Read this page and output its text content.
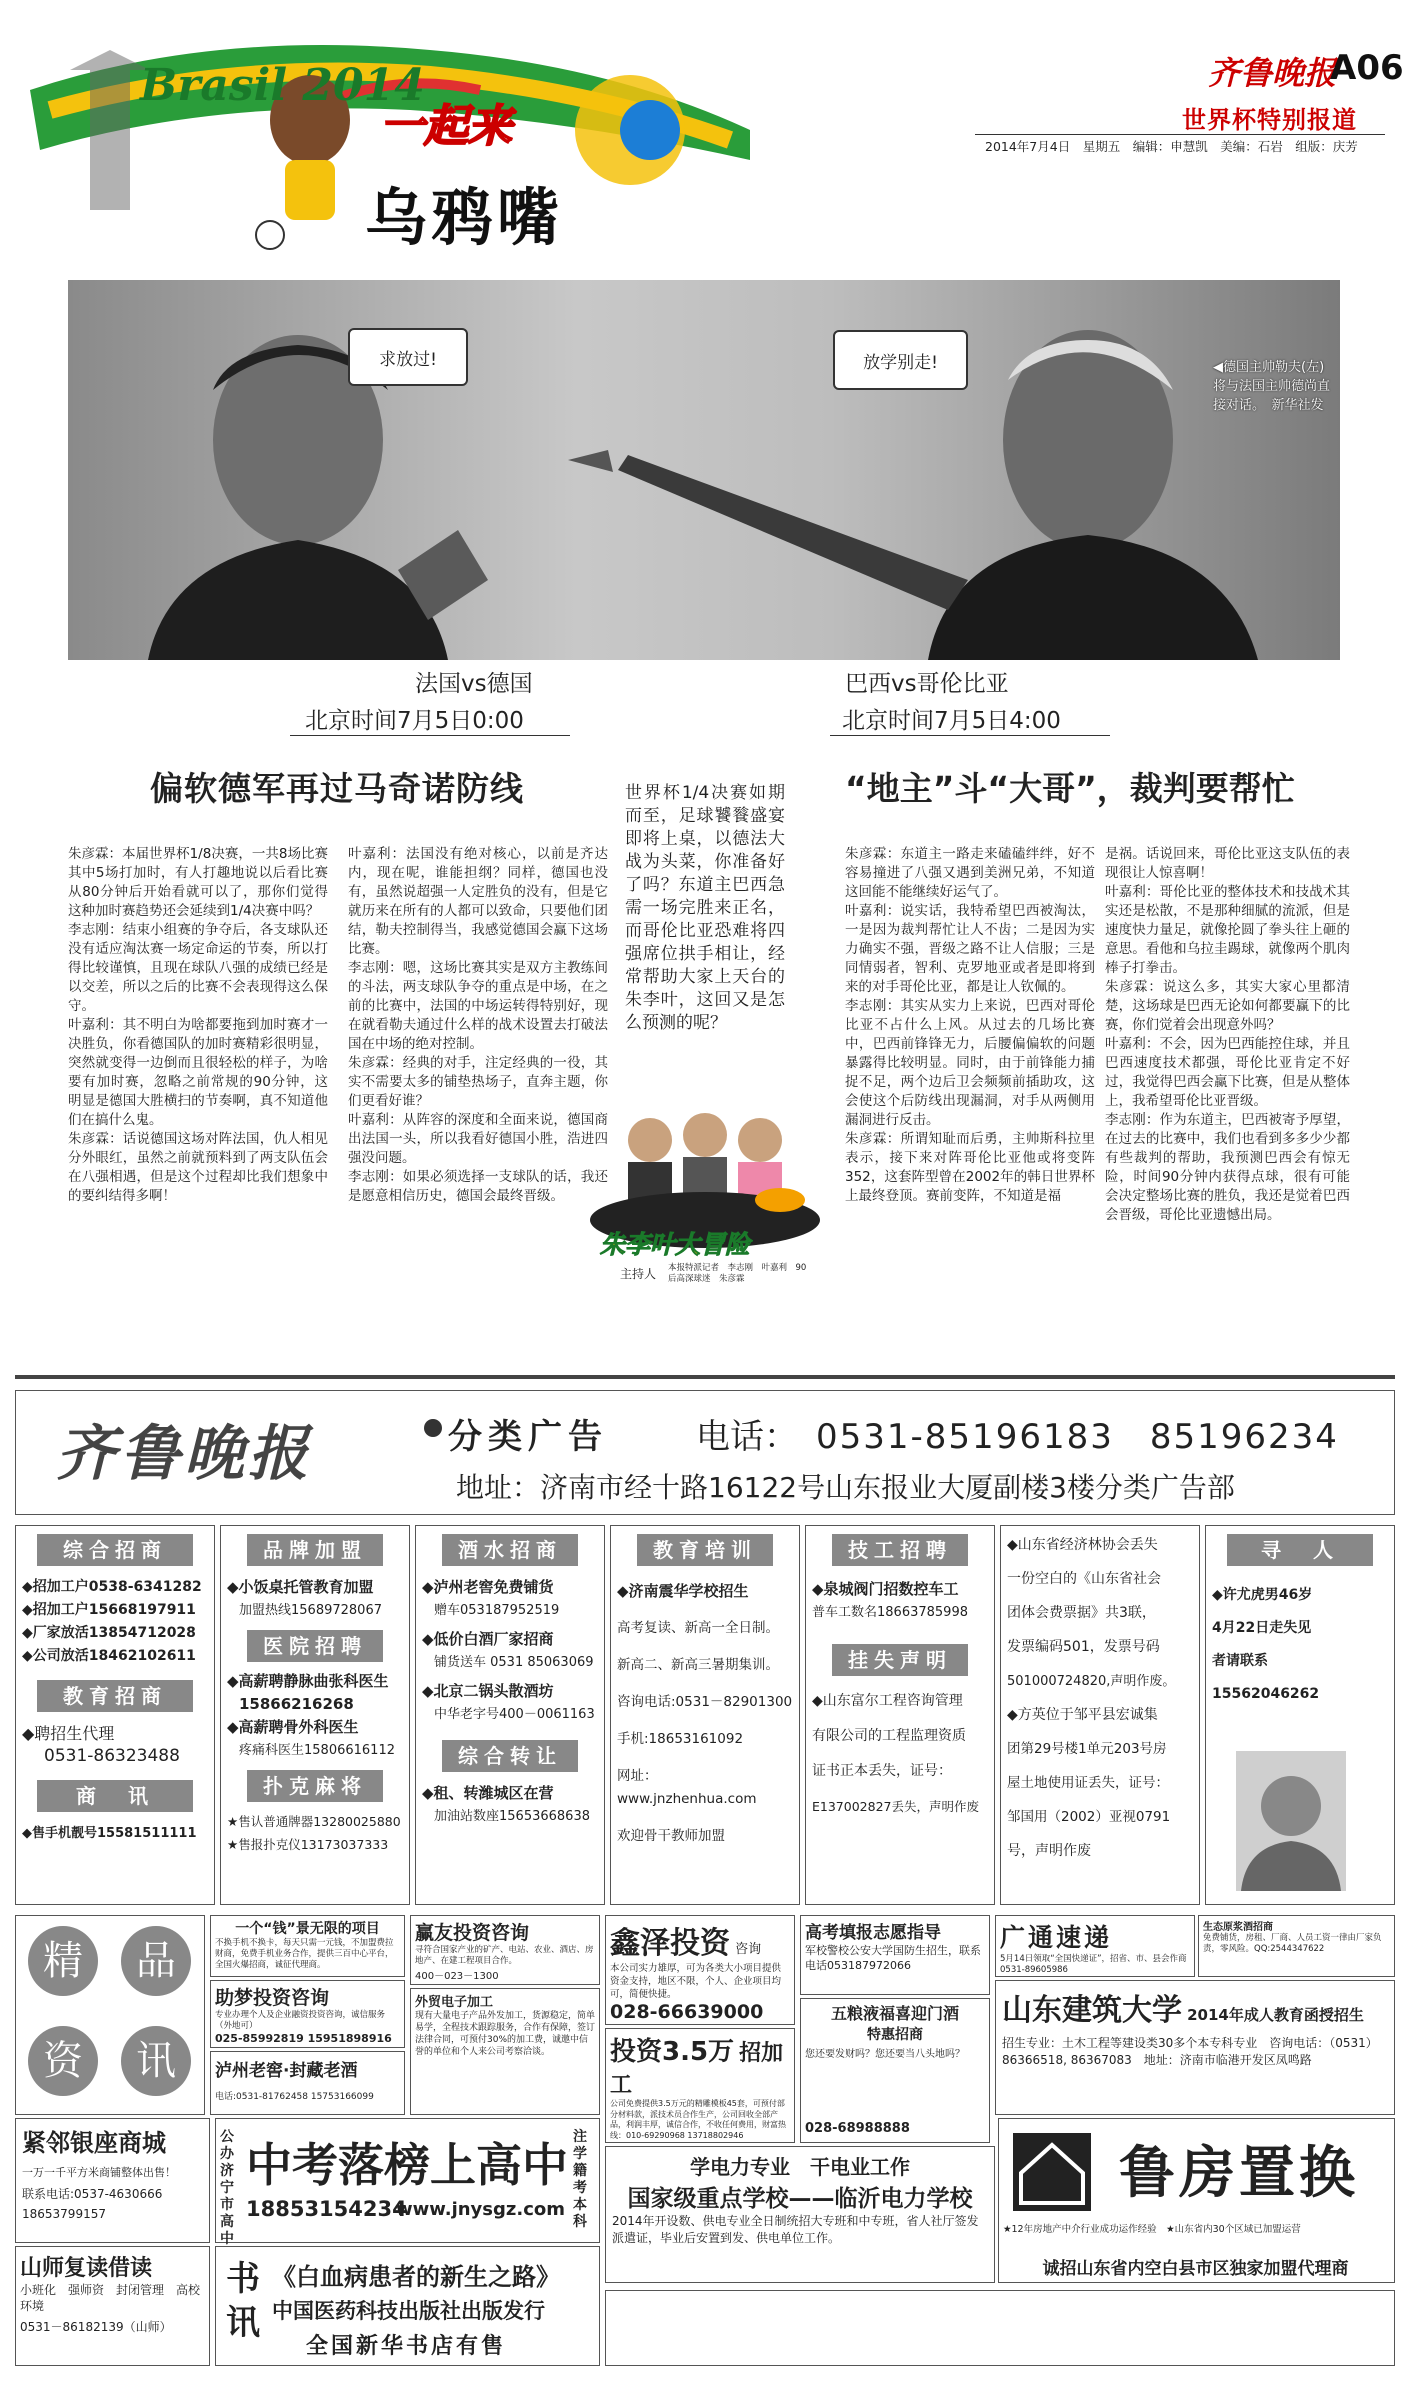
Brasil 2014
一起来
乌鸦嘴
齐鲁晚报
A06
世界杯特别报道
2014年7月4日　星期五　编辑：申慧凯　美编：石岩　组版：庆芳
求放过!	放学别走!	◀德国主帅勒夫(左)将与法国主帅德尚直接对话。　新华社发
法国vs德国
北京时间7月5日0:00
偏软德军再过马奇诺防线
巴西vs哥伦比亚
北京时间7月5日4:00
“地主”斗“大哥”，裁判要帮忙

朱彦霖：本届世界杯1/8决赛，一共8场比赛其中5场打加时，有人打趣地说以后看比赛从80分钟后开始看就可以了，那你们觉得这种加时赛趋势还会延续到1/4决赛中吗？
李志刚：结束小组赛的争夺后，各支球队还没有适应淘汰赛一场定命运的节奏，所以打得比较谨慎，且现在球队八强的成绩已经是以交差，所以之后的比赛不会表现得这么保守。
叶嘉利：其不明白为啥都要拖到加时赛才一决胜负，你看德国队的加时赛精彩很明显，突然就变得一边倒而且很轻松的样子，为啥要有加时赛，忽略之前常规的90分钟，这明显是德国大胜横扫的节奏啊，真不知道他们在搞什么鬼。
朱彦霖：话说德国这场对阵法国，仇人相见分外眼红，虽然之前就预料到了两支队伍会在八强相遇，但是这个过程却比我们想象中的要纠结得多啊！

叶嘉利：法国没有绝对核心，以前是齐达内，现在呢，谁能担纲？同样，德国也没有，虽然说超强一人定胜负的没有，但是它就历来在所有的人都可以致命，只要他们团结，勒夫控制得当，我感觉德国会赢下这场比赛。
李志刚：嗯，这场比赛其实是双方主教练间的斗法，两支球队争夺的重点是中场，在之前的比赛中，法国的中场运转得特别好，现在就看勒夫通过什么样的战术设置去打破法国在中场的绝对控制。
朱彦霖：经典的对手，注定经典的一役，其实不需要太多的铺垫热场子，直奔主题，你们更看好谁？
叶嘉利：从阵容的深度和全面来说，德国商出法国一头，所以我看好德国小胜，浩进四强没问题。
李志刚：如果必须选择一支球队的话，我还是愿意相信历史，德国会最终晋级。

世界杯1/4决赛如期而至，足球饕餮盛宴即将上桌，以德法大战为头菜，你准备好了吗？东道主巴西急需一场完胜来正名，而哥伦比亚恐难将四强席位拱手相让，经常帮助大家上天台的朱李叶，这回又是怎么预测的呢？

朱李叶大冒险
主持人 本报特派记者　李志刚　叶嘉利　90后高深球迷　朱彦霖

朱彦霖：东道主一路走来磕磕绊绊，好不容易撞进了八强又遇到美洲兄弟，不知道这回能不能继续好运气了。
叶嘉利：说实话，我特希望巴西被淘汰，一是因为裁判帮忙让人不齿；二是因为实力确实不强，晋级之路不让人信服；三是同情弱者，智利、克罗地亚或者是即将到来的对手哥伦比亚，都是让人钦佩的。
李志刚：其实从实力上来说，巴西对哥伦比亚不占什么上风。从过去的几场比赛中，巴西前锋锋无力，后腰偏偏软的问题暴露得比较明显。同时，由于前锋能力捕捉不足，两个边后卫会频频前插助攻，这会使这个后防线出现漏洞，对手从两侧用漏洞进行反击。
朱彦霖：所谓知耻而后勇，主帅斯科拉里表示，接下来对阵哥伦比亚他或将变阵352，这套阵型曾在2002年的韩日世界杯上最终登顶。赛前变阵，不知道是福

是祸。话说回来，哥伦比亚这支队伍的表现很让人惊喜啊！
叶嘉利：哥伦比亚的整体技术和技战术其实还是松散，不是那种细腻的流派，但是速度快力量足，就像抡圆了拳头往上砸的意思。看他和乌拉圭踢球，就像两个肌肉棒子打拳击。
朱彦霖：说这么多，其实大家心里都清楚，这场球是巴西无论如何都要赢下的比赛，你们觉着会出现意外吗？
叶嘉利：不会，因为巴西能控住球，并且巴西速度技术都强，哥伦比亚肯定不好过，我觉得巴西会赢下比赛，但是从整体上，我希望哥伦比亚晋级。
李志刚：作为东道主，巴西被寄予厚望，在过去的比赛中，我们也看到多多少少都有些裁判的帮助，我预测巴西会有惊无险，时间90分钟内获得点球，很有可能会决定整场比赛的胜负，我还是觉着巴西会晋级，哥伦比亚遗憾出局。

齐鲁晚报	分类广告	电话： 0531-85196183　85196234
地址：济南市经十路16122号山东报业大厦副楼3楼分类广告部
综合招商
◆招加工户0538-6341282
◆招加工户15668197911
◆厂家放活13854712028
◆公司放活18462102611
教育招商
◆聘招生代理
0531-86323488
商　讯
◆售手机靓号15581511111
品牌加盟
◆小饭桌托管教育加盟
加盟热线15689728067
医院招聘
◆高薪聘静脉曲张科医生
15866216268
◆高薪聘骨外科医生
疼痛科医生15806616112
扑克麻将
★售认普通牌器13280025880
★售报扑克仪13173037333
酒水招商
◆泸州老窖免费铺货
赠车053187952519
◆低价白酒厂家招商
铺货送车 0531 85063069
◆北京二锅头散酒坊
中华老字号400－0061163
综合转让
◆租、转潍城区在营
加油站数座15653668638
教育培训
◆济南震华学校招生
高考复读、新高一全日制。
新高二、新高三暑期集训。
咨询电话:0531－82901300
手机:18653161092
网址：www.jnzhenhua.com
欢迎骨干教师加盟
技工招聘
◆泉城阀门招数控车工
普车工数名18663785998
挂失声明
◆山东富尔工程咨询管理
有限公司的工程监理资质
证书正本丢失，证号：
E137002827丢失，声明作废
◆山东省经济林协会丢失
一份空白的《山东省社会
团体会费票据》共3联，
发票编码501，发票号码
501000724820,声明作废。
◆方英位于邹平县宏诚集
团第29号楼1单元203号房
屋土地使用证丢失，证号：
邹国用（2002）亚视0791
号，声明作废
寻　人
◆许尤虎男46岁
4月22日走失见
者请联系
15562046262
精	品
资	讯
一个“钱”景无限的项目
不换手机不换卡，每天只需一元钱，不加盟费拉财商，免费手机业务合作，提供三百中心平台，全国火爆招商，诚征代理商。
助梦投资咨询
专业办理个人及企业融资投资咨询，诚信服务（外地可）
025-85992819 15951898916
泸州老窖·封藏老酒
电话:0531-81762458 15753166099
赢友投资咨询
寻符合国家产业的矿产、电站、农业、酒店、房地产、在建工程项目合作。
400－023－1300
外贸电子加工
现有大量电子产品外发加工，货源稳定，简单易学，全程技术跟踪服务，合作有保障，签订法律合同，可预付30%的加工费，诚邀中信誉的单位和个人来公司考察洽谈。
鑫泽投资 咨询
本公司实力雄厚，可为各类大小项目提供资金支持，地区不限，个人、企业项目均可，简便快捷。
028-66639000
投资3.5万 招加工
公司免费提供3.5万元的精雕模板45套，可预付部分材料款，派技术员合作生产，公司回收全部产品，利润丰厚，诚信合作，不收任何费用，财富热线：010-69290968 13718802946
高考填报志愿指导
军校警校公安大学国防生招生，联系电话053187972066
五粮液福喜迎门酒
特惠招商
您还要发财吗？您还要当八头地吗？
028-68988888
广通速递
5月14日领取“全国快递证”，招省、市、县会作商0531-89605986
生态原浆酒招商
免费铺货，房租、厂商、人员工资一律由厂家负责，零风险。QQ:2544347622
山东建筑大学 2014年成人教育函授招生
招生专业：土木工程等建设类30多个本专科专业　咨询电话：（0531）86366518, 86367083　地址：济南市临港开发区凤鸣路
紧邻银座商城
一万一千平方米商铺整体出售！
联系电话:0537-4630666 18653799157
公办济宁市高中
中考落榜上高中
18853154234
www.jnysgz.com
注学籍考本科
学电力专业　干电业工作
国家级重点学校——临沂电力学校
2014年开设数、供电专业全日制统招大专班和中专班，省人社厅签发派遣证，毕业后安置到发、供电单位工作。
鲁房置换
★12年房地产中介行业成功运作经验　★山东省内30个区域已加盟运营
诚招山东省内空白县市区独家加盟代理商
山师复读借读
小班化　强师资　封闭管理　高校环境
0531－86182139（山师）
书讯
《白血病患者的新生之路》
中国医药科技出版社出版发行
全国新华书店有售
